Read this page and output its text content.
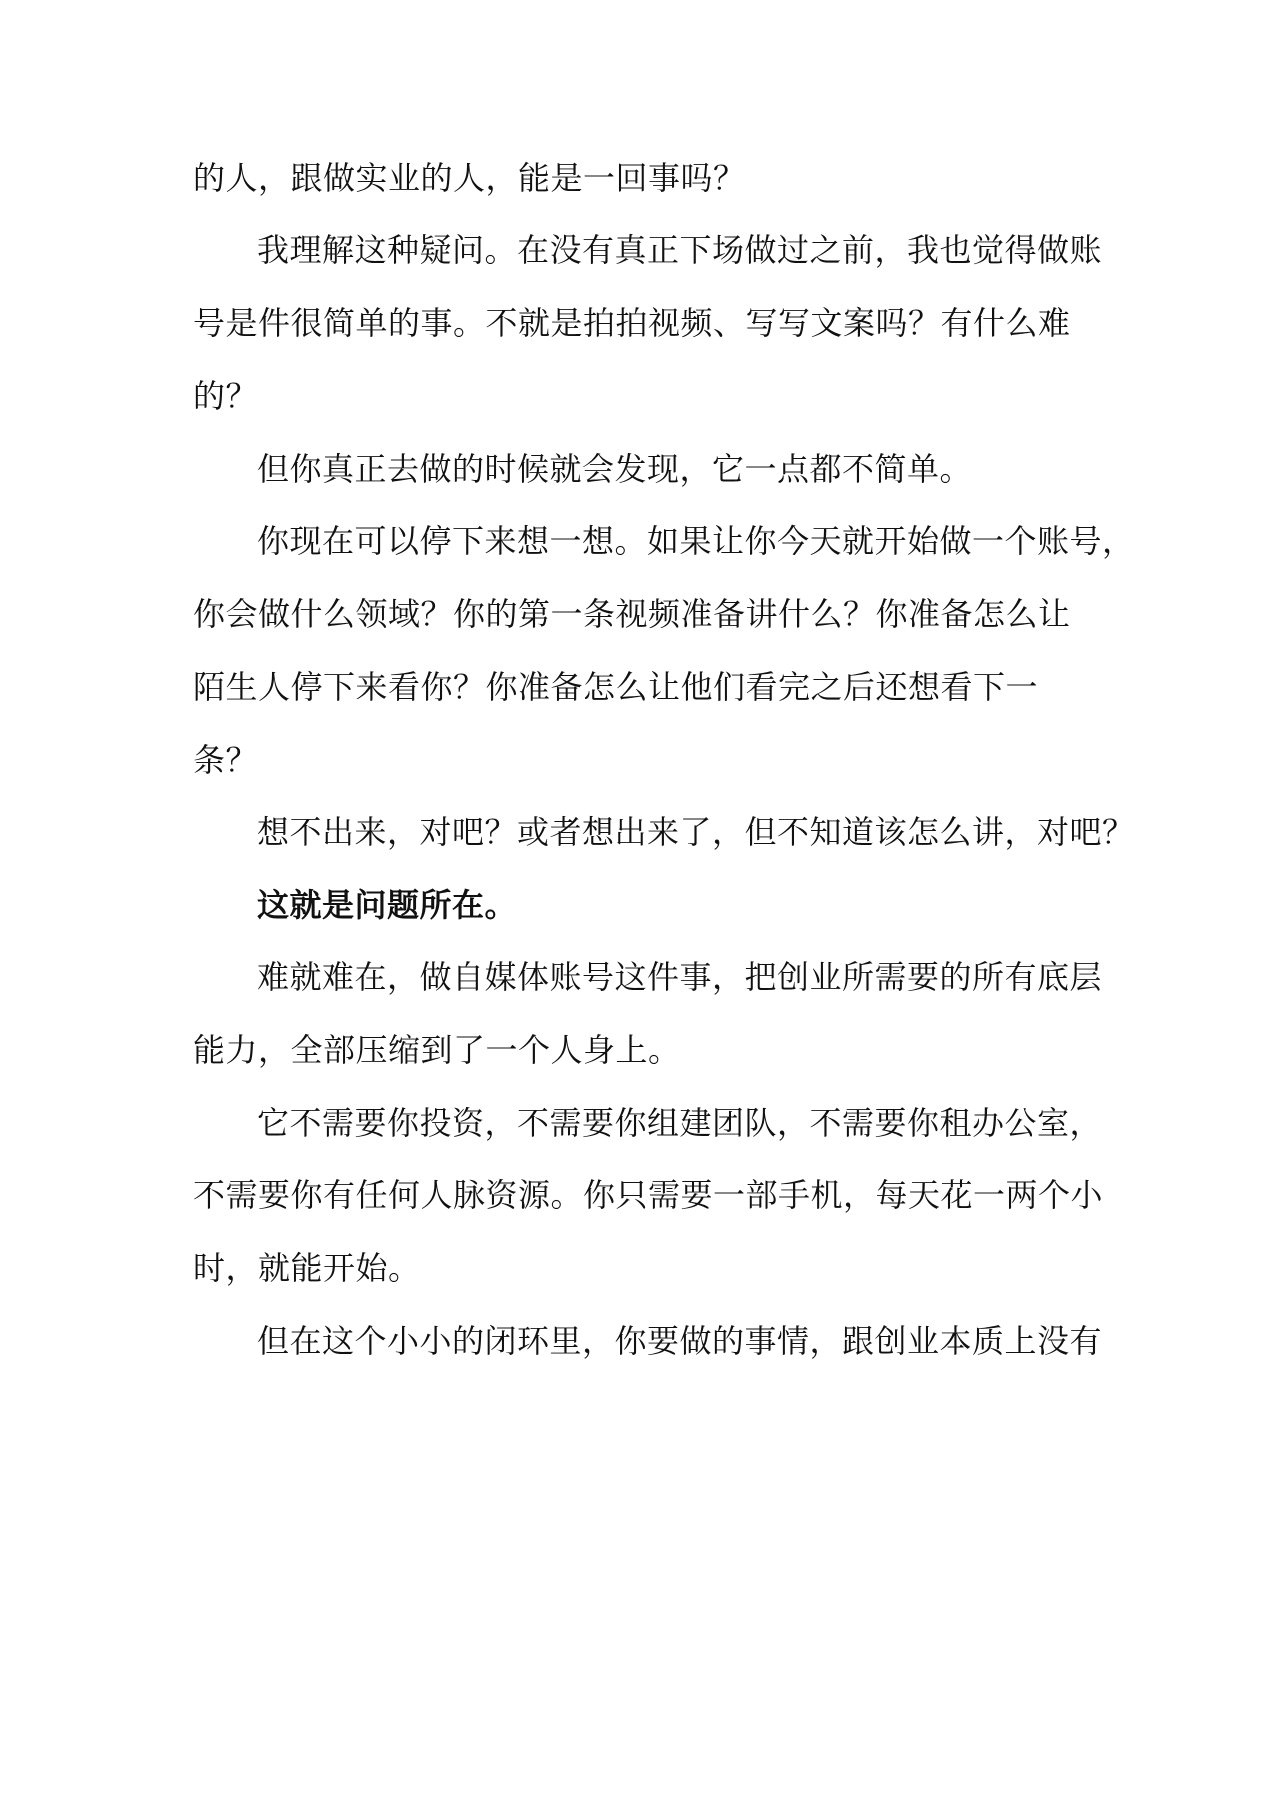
的人，跟做实业的人，能是一回事吗？
我理解这种疑问。在没有真正下场做过之前，我也觉得做账
号是件很简单的事。不就是拍拍视频、写写文案吗？有什么难
的？
但你真正去做的时候就会发现，它一点都不简单。
你现在可以停下来想一想。如果让你今天就开始做一个账号，
你会做什么领域？你的第一条视频准备讲什么？你准备怎么让
陌生人停下来看你？你准备怎么让他们看完之后还想看下一
条？
想不出来，对吧？或者想出来了，但不知道该怎么讲，对吧？
这就是问题所在。
难就难在，做自媒体账号这件事，把创业所需要的所有底层
能力，全部压缩到了一个人身上。
它不需要你投资，不需要你组建团队，不需要你租办公室，
不需要你有任何人脉资源。你只需要一部手机，每天花一两个小
时，就能开始。
但在这个小小的闭环里，你要做的事情，跟创业本质上没有
